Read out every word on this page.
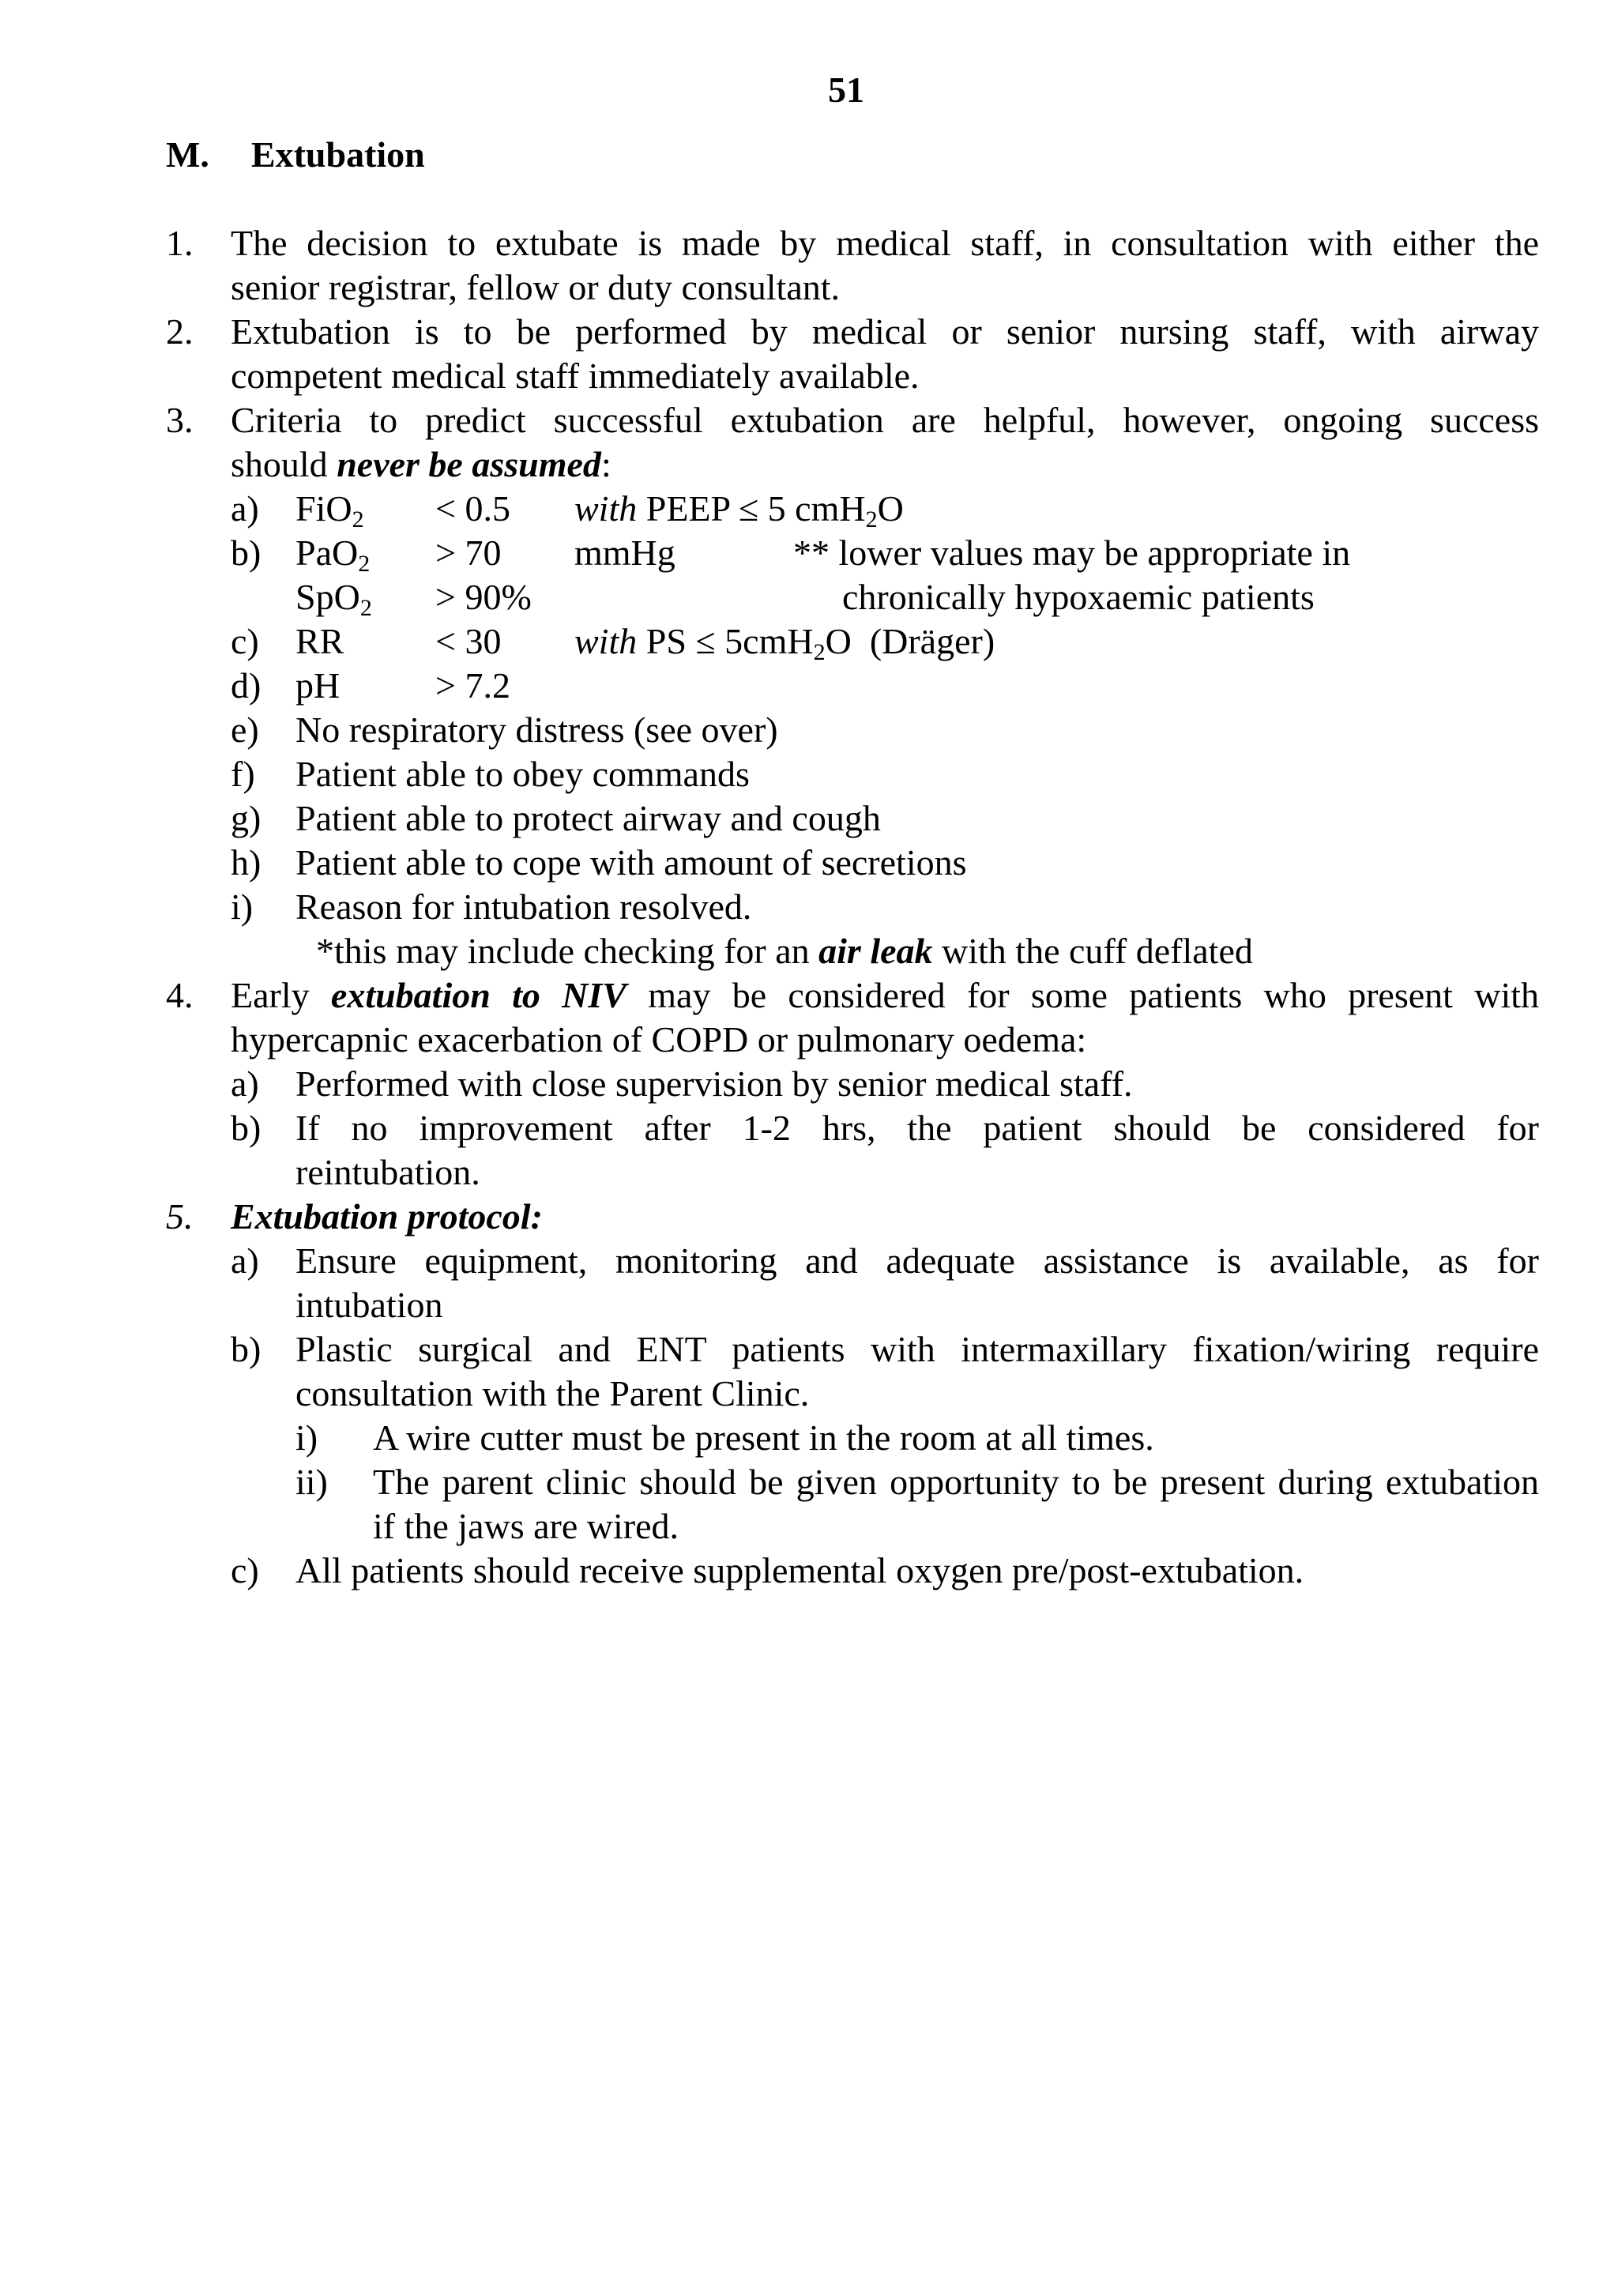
51
M. Extubation
1. The decision to extubate is made by medical staff, in consultation with either the
senior registrar, fellow or duty consultant.
2. Extubation is to be performed by medical or senior nursing staff, with airway
competent medical staff immediately available.
3. Criteria to predict successful extubation are helpful, however, ongoing success
should never be assumed:
a) FiO$_2$ < 0.5 with PEEP ≤ 5 cmH$_2$O
b) PaO$_2$ > 70 mmHg	** lower values may be appropriate in
SpO$_2$ > 90%	chronically hypoxaemic patients
c) RR	< 30 with PS ≤ 5cmH$_2$O  (Dräger)
d) pH	> 7.2
e) No respiratory distress (see over)
f) Patient able to obey commands
g) Patient able to protect airway and cough
h) Patient able to cope with amount of secretions
i) Reason for intubation resolved.
*this may include checking for an air leak with the cuff deflated
4. Early extubation to NIV may be considered for some patients who present with
hypercapnic exacerbation of COPD or pulmonary oedema:
a) Performed with close supervision by senior medical staff.
b) If no improvement after 1-2 hrs, the patient should be considered for
reintubation.
5. Extubation protocol:
a) Ensure equipment, monitoring and adequate assistance is available, as for
intubation
b) Plastic surgical and ENT patients with intermaxillary fixation/wiring require
consultation with the Parent Clinic.
i) A wire cutter must be present in the room at all times.
ii) The parent clinic should be given opportunity to be present during extubation
if the jaws are wired.
c) All patients should receive supplemental oxygen pre/post-extubation.
